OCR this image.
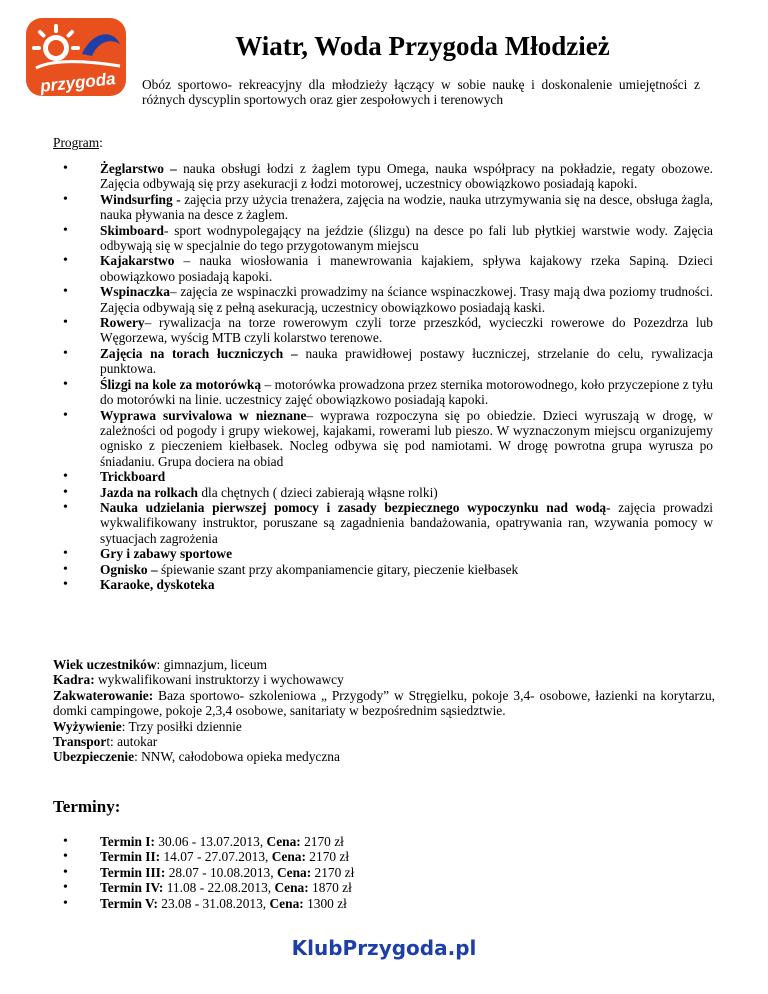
przygoda
Wiatr, Woda Przygoda Młodzież
Obóz sportowo- rekreacyjny dla młodzieży łączący w sobie naukę i doskonalenie umiejętności z różnych dyscyplin sportowych oraz gier zespołowych i terenowych
Program:
• Żeglarstwo – nauka obsługi łodzi z żaglem typu Omega, nauka współpracy na pokładzie, regaty obozowe. Zajęcia odbywają się przy asekuracji z łodzi motorowej, uczestnicy obowiązkowo posiadają kapoki.
• Windsurfing - zajęcia przy użycia trenażera, zajęcia na wodzie, nauka utrzymywania się na desce, obsługa żagla, nauka pływania na desce z żaglem.
• Skimboard- sport wodnypolegający na jeździe (ślizgu) na desce po fali lub płytkiej warstwie wody. Zajęcia odbywają się w specjalnie do tego przygotowanym miejscu
• Kajakarstwo – nauka wiosłowania i manewrowania kajakiem, spływa kajakowy rzeka Sapiną. Dzieci obowiązkowo posiadają kapoki.
• Wspinaczka– zajęcia ze wspinaczki prowadzimy na ściance wspinaczkowej. Trasy mają dwa poziomy trudności. Zajęcia odbywają się z pełną asekuracją, uczestnicy obowiązkowo posiadają kaski.
• Rowery– rywalizacja na torze rowerowym czyli torze przeszkód, wycieczki rowerowe do Pozezdrza lub Węgorzewa, wyścig MTB czyli kolarstwo terenowe.
• Zajęcia na torach łuczniczych – nauka prawidłowej postawy łuczniczej, strzelanie do celu, rywalizacja punktowa.
• Ślizgi na kole za motorówką – motorówka prowadzona przez sternika motorowodnego, koło przyczepione z tyłu do motorówki na linie. uczestnicy zajęć obowiązkowo posiadają kapoki.
• Wyprawa survivalowa w nieznane– wyprawa rozpoczyna się po obiedzie. Dzieci wyruszają w drogę, w zależności od pogody i grupy wiekowej, kajakami, rowerami lub pieszo. W wyznaczonym miejscu organizujemy ognisko z pieczeniem kiełbasek. Nocleg odbywa się pod namiotami. W drogę powrotna grupa wyrusza po śniadaniu. Grupa dociera na obiad
• Trickboard
• Jazda na rolkach dla chętnych ( dzieci zabierają włąsne rolki)
• Nauka udzielania pierwszej pomocy i zasady bezpiecznego wypoczynku nad wodą- zajęcia prowadzi wykwalifikowany instruktor, poruszane są zagadnienia bandażowania, opatrywania ran, wzywania pomocy w sytuacjach zagrożenia
• Gry i zabawy sportowe
• Ognisko – śpiewanie szant przy akompaniamencie gitary, pieczenie kiełbasek
• Karaoke, dyskoteka

Wiek uczestników: gimnazjum, liceum

Kadra: wykwalifikowani instruktorzy i wychowawcy

Zakwaterowanie: Baza sportowo- szkoleniowa „ Przygody” w Stręgielku, pokoje 3,4- osobowe, łazienki na korytarzu, domki campingowe, pokoje 2,3,4 osobowe, sanitariaty w bezpośrednim sąsiedztwie.

Wyżywienie: Trzy posiłki dziennie

Transport: autokar

Ubezpieczenie: NNW, całodobowa opieka medyczna

Terminy:
• Termin I: 30.06 - 13.07.2013, Cena: 2170 zł
• Termin II: 14.07 - 27.07.2013, Cena: 2170 zł
• Termin III: 28.07 - 10.08.2013, Cena: 2170 zł
• Termin IV: 11.08 - 22.08.2013, Cena: 1870 zł
• Termin V: 23.08 - 31.08.2013, Cena: 1300 zł
KlubPrzygoda.pl
